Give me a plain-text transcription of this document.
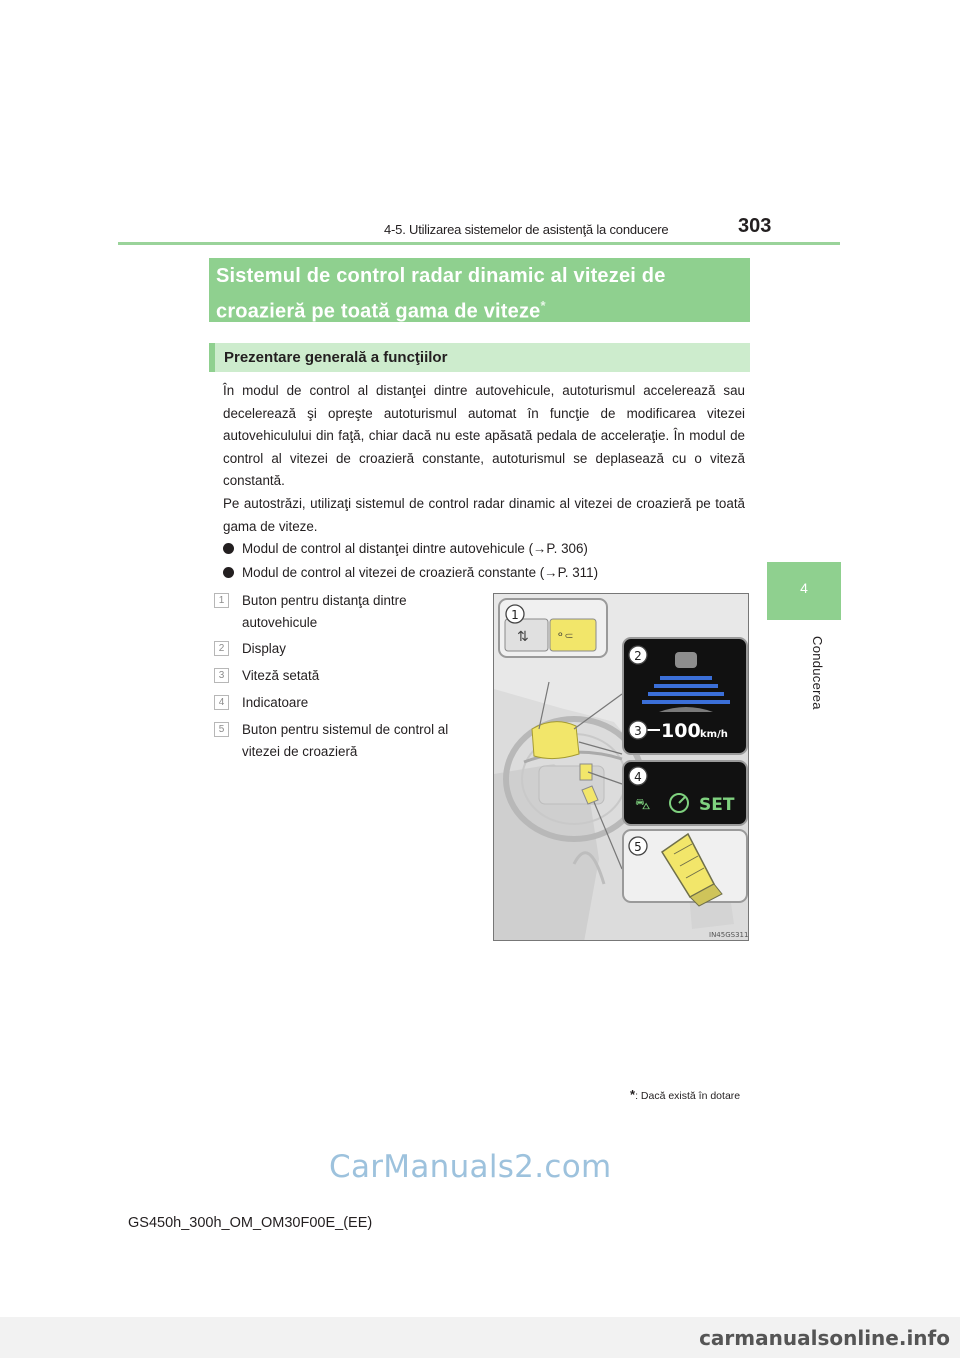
4-5. Utilizarea sistemelor de asistenţă la conducere	303
4
Conducerea
Sistemul de control radar dinamic al vitezei de croazieră pe toată gama de viteze*
Prezentare generală a funcţiilor

În modul de control al distanţei dintre autovehicule, autoturismul accelerează sau decelerează şi opreşte autoturismul automat în funcţie de modificarea vitezei autovehiculului din faţă, chiar dacă nu este apăsată pedala de acceleraţie. În modul de control al vitezei de croazieră constante, autoturismul se deplasează cu o viteză constantă.

Pe autostrăzi, utilizaţi sistemul de control radar dinamic al vitezei de croazieră pe toată gama de viteze.

Modul de control al distanţei dintre autovehicule (→P. 306)
Modul de control al vitezei de croazieră constante (→P. 311)
1	Buton pentru distanţa dintre autovehicule
2	Display
3	Viteză setată
4	Indicatoare
5	Buton pentru sistemul de control al vitezei de croazieră
⇅ ᵒ⸦
100 km/h
⛍	SET
1
2
3
4
5
IN45GS311
*: Dacă există în dotare
CarManuals2.com
GS450h_300h_OM_OM30F00E_(EE)
carmanualsonline.info
